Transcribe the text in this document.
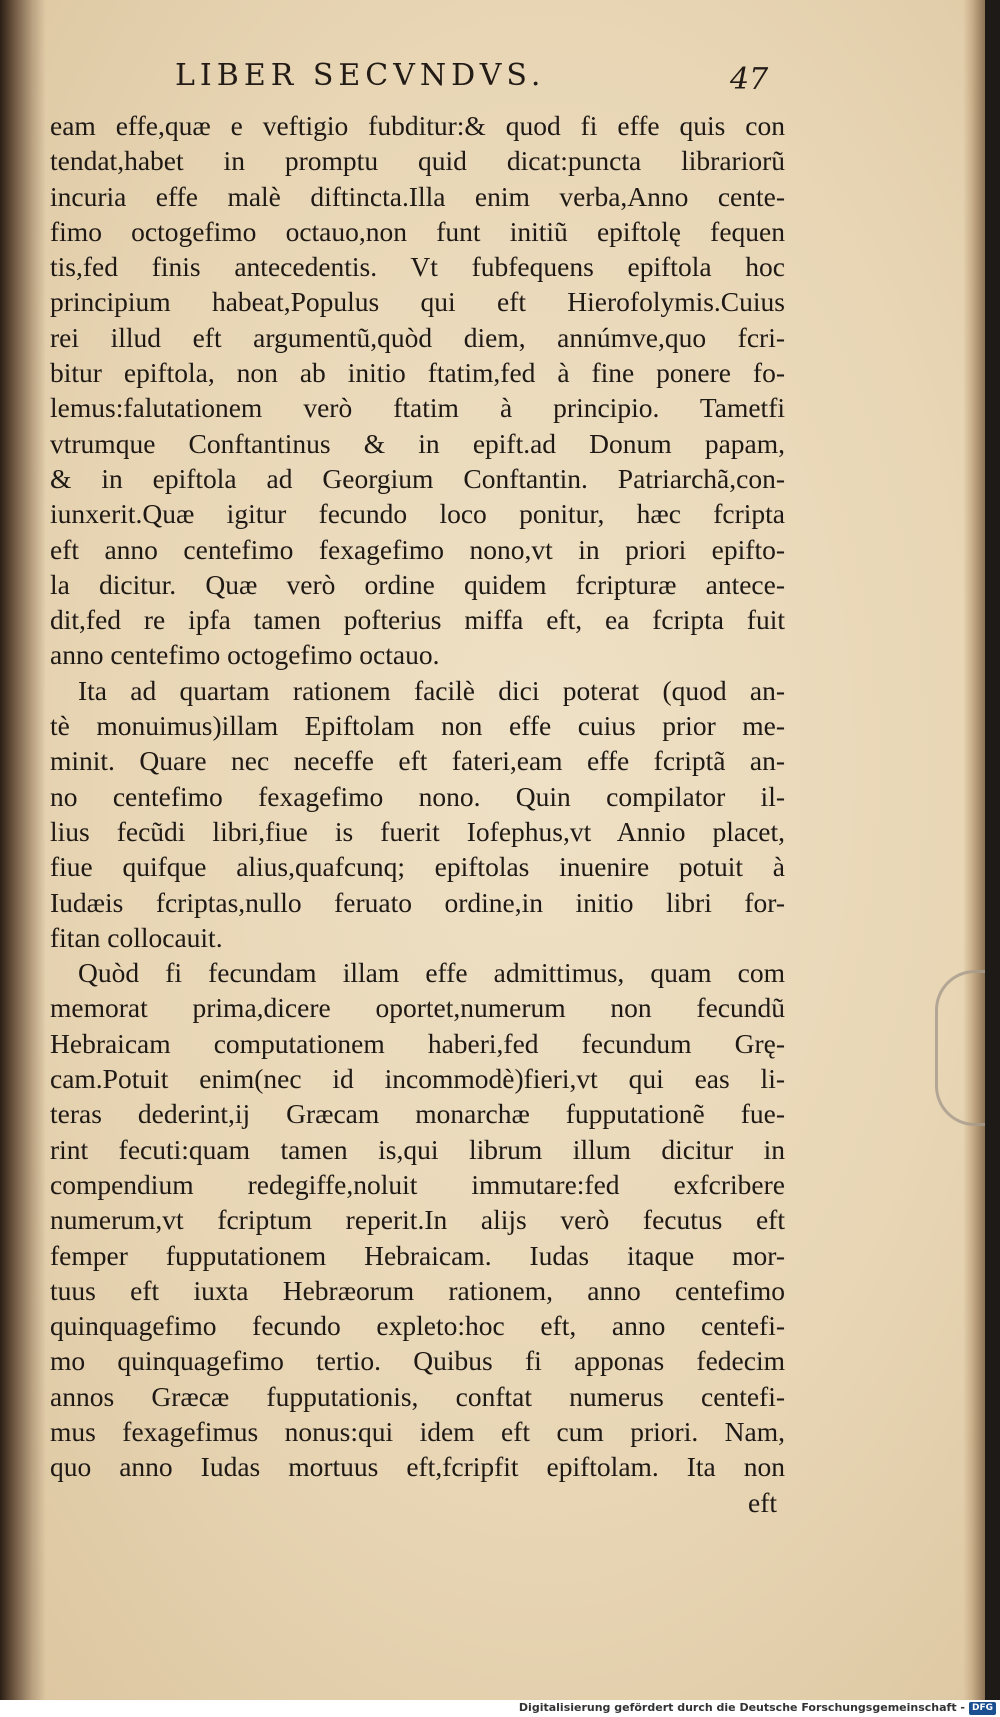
LIBER SECVNDVS.	47
eam effe,quæ e veftigio fubditur:& quod fi effe quis con
tendat,habet in promptu quid dicat:puncta librariorũ
incuria effe malè diftincta.Illa enim verba,Anno cente-
fimo octogefimo octauo,non funt initiũ epiftolę fequen
tis,fed finis antecedentis. Vt fubfequens epiftola hoc
principium habeat,Populus qui eft Hierofolymis.Cuius
rei illud eft argumentũ,quòd diem, annúmve,quo fcri-
bitur epiftola, non ab initio ftatim,fed à fine ponere fo-
lemus:falutationem verò ftatim à principio. Tametfi
vtrumque Conftantinus & in epift.ad Donum papam,
& in epiftola ad Georgium Conftantin. Patriarchã,con-
iunxerit.Quæ igitur fecundo loco ponitur, hæc fcripta
eft anno centefimo fexagefimo nono,vt in priori epifto-
la dicitur. Quæ verò ordine quidem fcripturæ antece-
dit,fed re ipfa tamen pofterius miffa eft, ea fcripta fuit
anno centefimo octogefimo octauo.
Ita ad quartam rationem facilè dici poterat (quod an-
tè monuimus)illam Epiftolam non effe cuius prior me-
minit. Quare nec neceffe eft fateri,eam effe fcriptã an-
no centefimo fexagefimo nono. Quin compilator il-
lius fecũdi libri,fiue is fuerit Iofephus,vt Annio placet,
fiue quifque alius,quafcunq; epiftolas inuenire potuit à
Iudæis fcriptas,nullo feruato ordine,in initio libri for-
fitan collocauit.
Quòd fi fecundam illam effe admittimus, quam com
memorat prima,dicere oportet,numerum non fecundũ
Hebraicam computationem haberi,fed fecundum Grę-
cam.Potuit enim(nec id incommodè)fieri,vt qui eas li-
teras dederint,ij Græcam monarchæ fupputationẽ fue-
rint fecuti:quam tamen is,qui librum illum dicitur in
compendium redegiffe,noluit immutare:fed exfcribere
numerum,vt fcriptum reperit.In alijs verò fecutus eft
femper fupputationem Hebraicam. Iudas itaque mor-
tuus eft iuxta Hebræorum rationem, anno centefimo
quinquagefimo fecundo expleto:hoc eft, anno centefi-
mo quinquagefimo tertio. Quibus fi apponas fedecim
annos Græcæ fupputationis, conftat numerus centefi-
mus fexagefimus nonus:qui idem eft cum priori. Nam,
quo anno Iudas mortuus eft,fcripfit epiftolam. Ita non
eft
Digitalisierung gefördert durch die Deutsche Forschungsgemeinschaft - DFG
